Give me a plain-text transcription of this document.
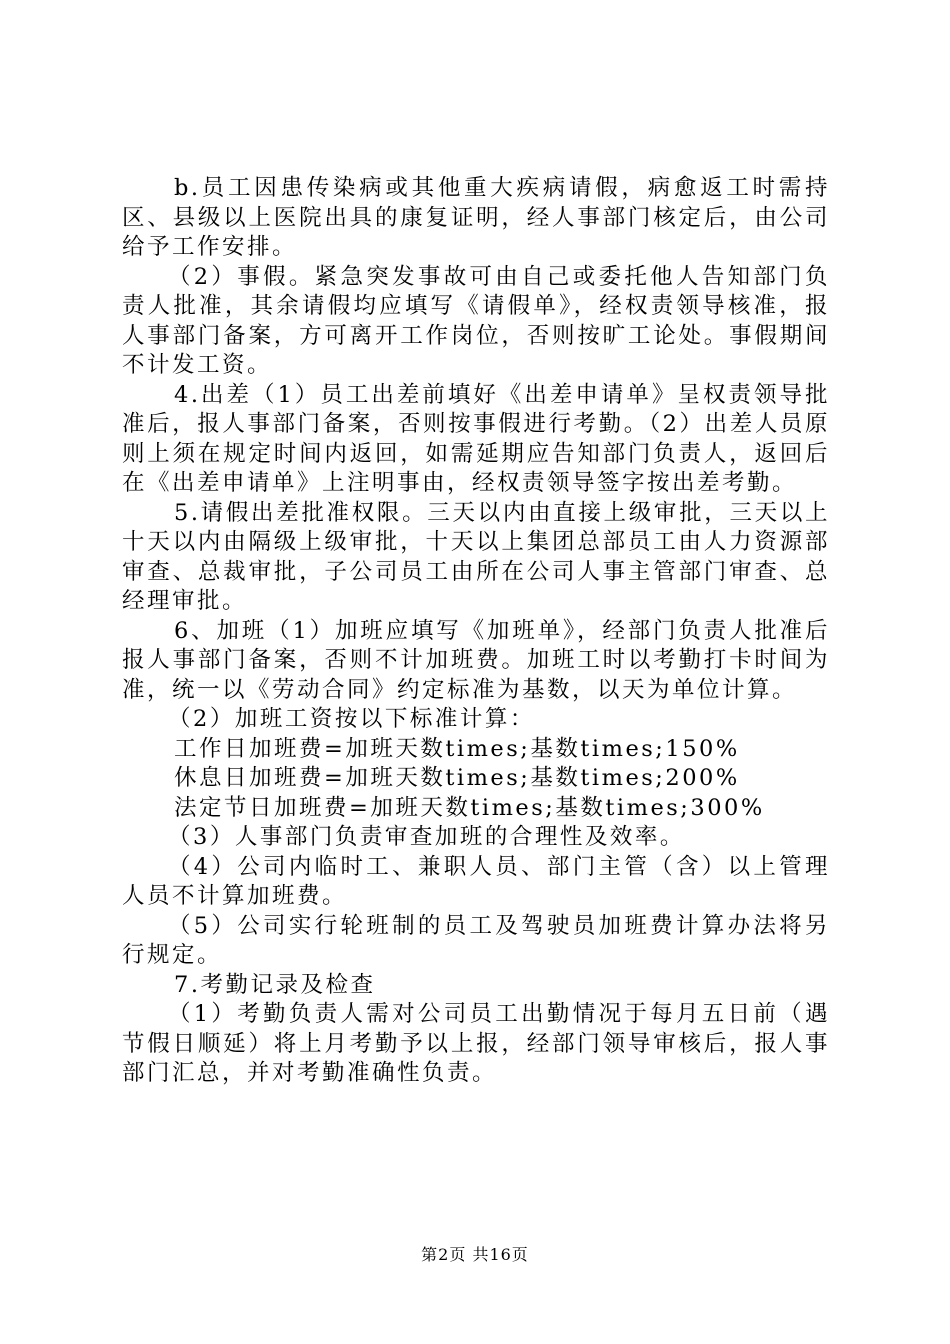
b.员工因患传染病或其他重大疾病请假，病愈返工时需持区、县级以上医院出具的康复证明，经人事部门核定后，由公司给予工作安排。

（2）事假。紧急突发事故可由自己或委托他人告知部门负责人批准，其余请假均应填写《请假单》，经权责领导核准，报人事部门备案，方可离开工作岗位，否则按旷工论处。事假期间不计发工资。

4.出差（1）员工出差前填好《出差申请单》呈权责领导批准后，报人事部门备案，否则按事假进行考勤。（2）出差人员原则上须在规定时间内返回，如需延期应告知部门负责人，返回后在《出差申请单》上注明事由，经权责领导签字按出差考勤。

5.请假出差批准权限。三天以内由直接上级审批，三天以上十天以内由隔级上级审批，十天以上集团总部员工由人力资源部审查、总裁审批，子公司员工由所在公司人事主管部门审查、总经理审批。

6、加班（1）加班应填写《加班单》，经部门负责人批准后报人事部门备案，否则不计加班费。加班工时以考勤打卡时间为准，统一以《劳动合同》约定标准为基数，以天为单位计算。

（2）加班工资按以下标准计算：

工作日加班费=加班天数times;基数times;150%

休息日加班费=加班天数times;基数times;200%

法定节日加班费=加班天数times;基数times;300%

（3）人事部门负责审查加班的合理性及效率。

（4）公司内临时工、兼职人员、部门主管（含）以上管理人员不计算加班费。

（5）公司实行轮班制的员工及驾驶员加班费计算办法将另行规定。

7.考勤记录及检查

（1）考勤负责人需对公司员工出勤情况于每月五日前（遇节假日顺延）将上月考勤予以上报，经部门领导审核后，报人事部门汇总，并对考勤准确性负责。

第2页 共16页
